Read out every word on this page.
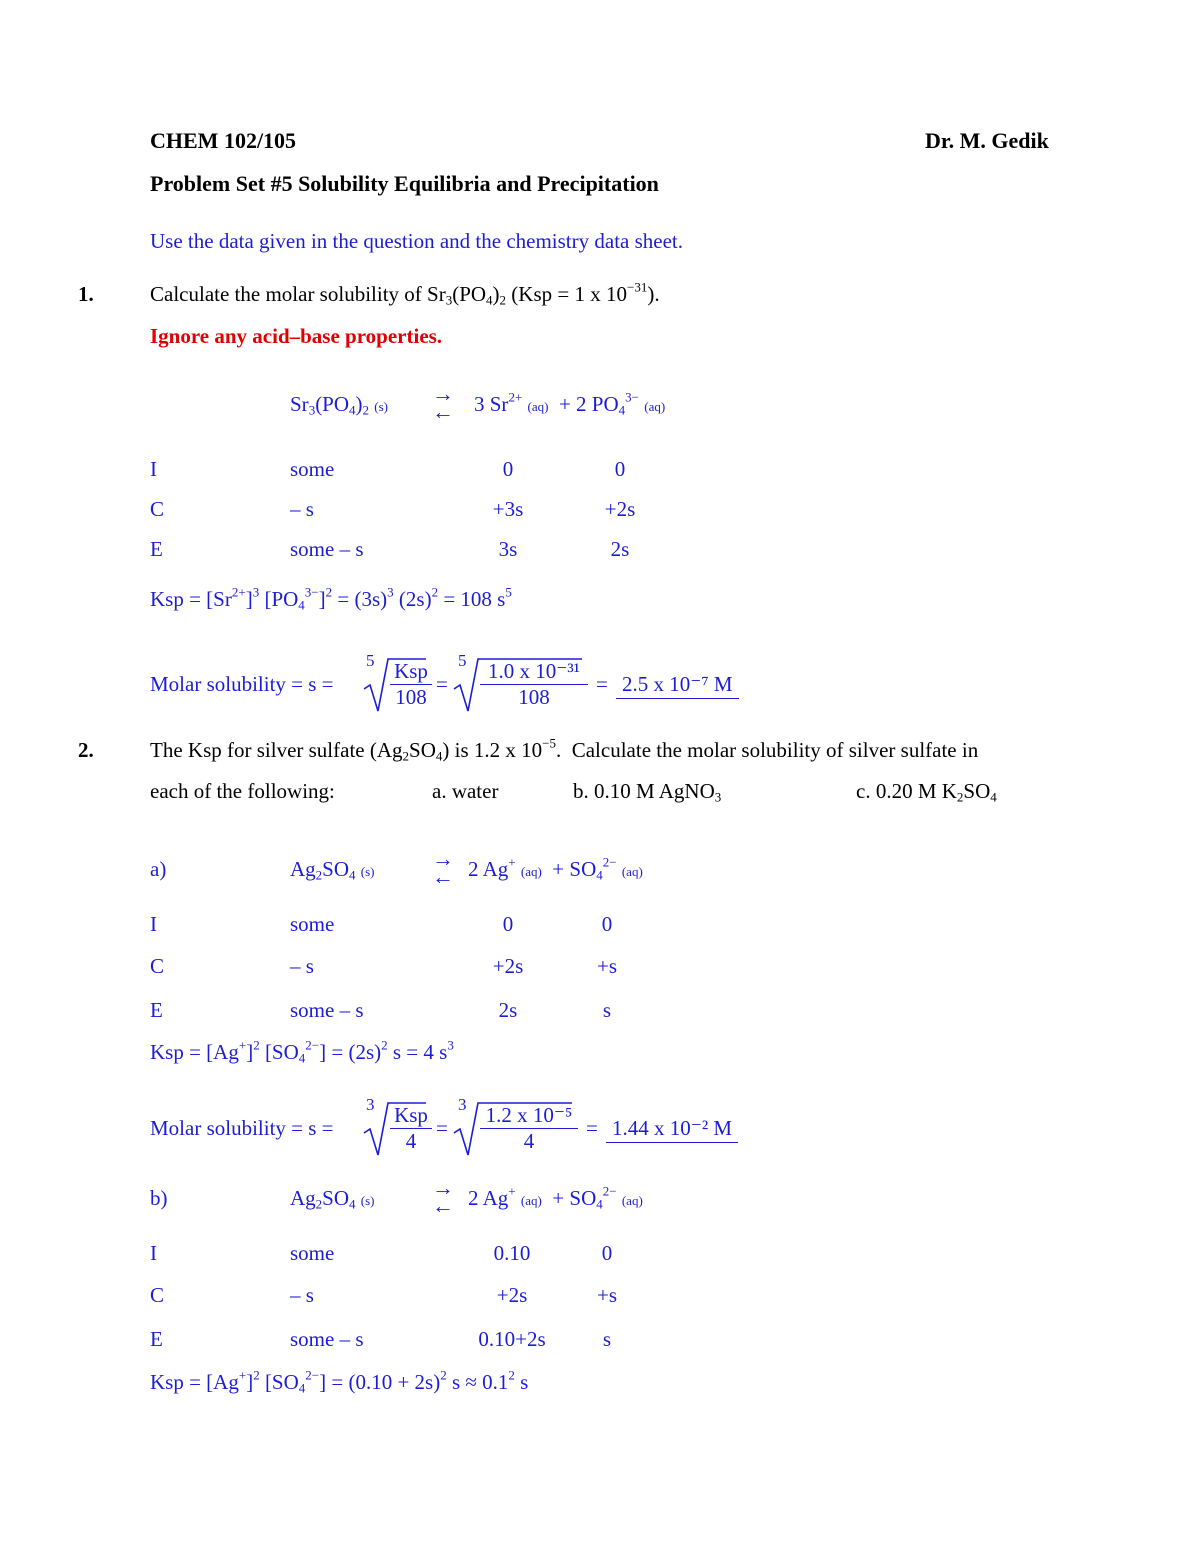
CHEM 102/105	Dr. M. Gedik
Problem Set #5 Solubility Equilibria and Precipitation
Use the data given in the question and the chemistry data sheet.
1.	Calculate the molar solubility of $Sr_3(PO_4)_2$ (Ksp = 1 x $10^{-31}$).
Ignore any acid–base properties.
$Sr_3(PO_4)_2$ (s)
→
← 3 $Sr^{2+}$ (aq)  + 2 $PO_4^{3-}$ (aq)
I	some	0	0
C	– s	+3s	+2s
E	some – s	3s	2s
Ksp = $[Sr^{2+}]^3$ $[PO_4^{3-}]^2 = (3s)^3$ $(2s)^2 = 108$ $s^5$
Molar solubility = s =
5 Ksp
108
=
5	1.0 x 10⁻³¹
108
= 2.5 x 10⁻⁷ M
2.	The Ksp for silver sulfate $(Ag_2SO_4)$ is 1.2 x $10^{-5}$.  Calculate the molar solubility of silver sulfate in
each of the following:	a. water	b. 0.10 M AgNO$_3$	c. 0.20 M $K_2SO_4$
a)	$Ag_2SO_4$ (s)
→
← 2 Ag+ $(aq) + SO_4^{2-}$ (aq)
I	some	0	0
C	– s	+2s	+s
E	some – s	2s	s
Ksp = $[Ag^+]^2$ $[SO_4^{2-}] = (2s)^2$ s = 4 $s^3$
Molar solubility = s =
3 Ksp
4
=
3 1.2 x 10⁻⁵
4
= 1.44 x 10⁻² M
b)	$Ag_2SO_4$ (s)
→
← 2 Ag+ $(aq) + SO_4^{2-}$ (aq)
I	some	0.10	0
C	– s	+2s	+s
E	some – s	0.10+2s	s
Ksp = $[Ag^+]^2$ $[SO_4^{2-}] = (0.10 + 2s)^2$ $s \approx 0.1^2$ s
